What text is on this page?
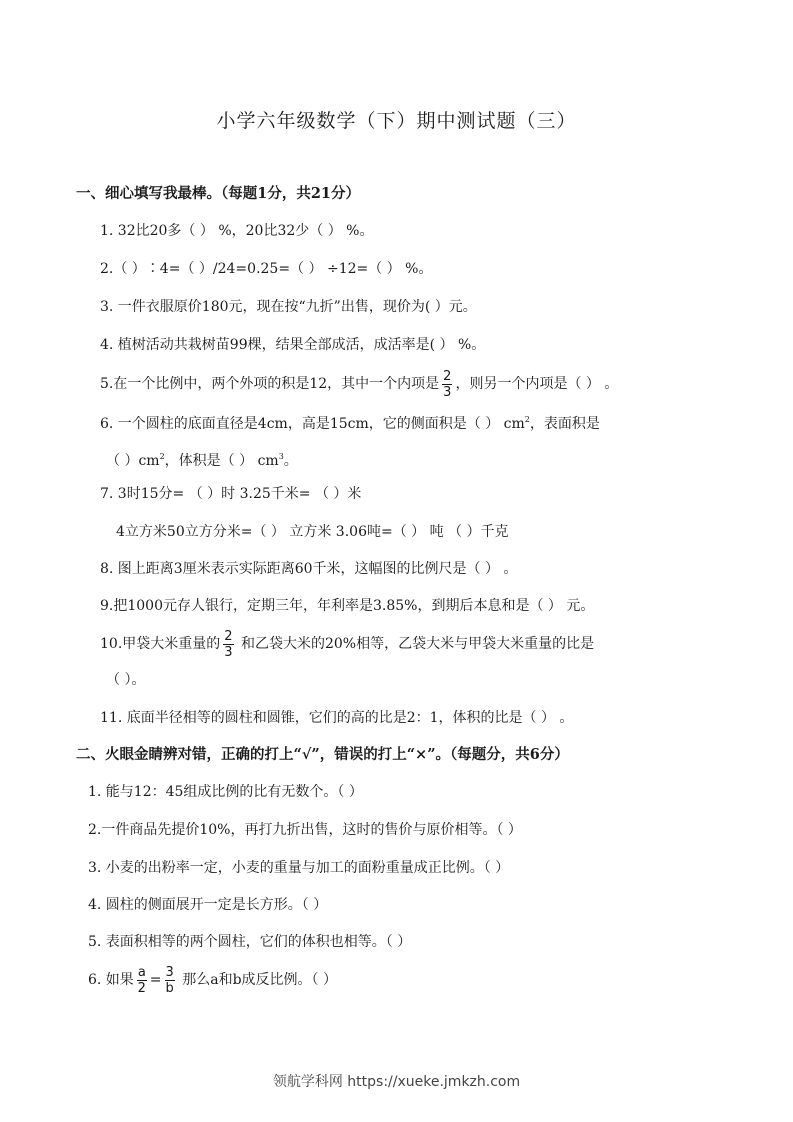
小学六年级数学（下）期中测试题（三）
一、细心填写我最棒。（每题1分，共21分）
1. 32比20多（ ） %，20比32少（ ） %。
2.（ ）∶4=（ ）/24=0.25=（ ） ÷12=（ ） %。
3. 一件衣服原价180元，现在按“九折”出售，现价为( ）元。
4. 植树活动共栽树苗99棵，结果全部成活，成活率是( ） %。
5.在一个比例中，两个外项的积是12，其中一个内项是 $\frac{2}{3}$ ，则另一个内项是（ ） 。
6. 一个圆柱的底面直径是4cm，高是15cm，它的侧面积是（ ） $cm^2$，表面积是
（ ）$cm^2$，体积是（ ） $cm^3$。
7. 3时15分= （ ）时 3.25千米= （ ）米
4立方米50立方分米=（ ） 立方米 3.06吨=（ ） 吨 （ ）千克
8. 图上距离3厘米表示实际距离60千米，这幅图的比例尺是（ ） 。
9.把1000元存人银行，定期三年，年利率是3.85%，到期后本息和是（ ） 元。
10.甲袋大米重量的 $\frac{2}{3}$ 和乙袋大米的20%相等，乙袋大米与甲袋大米重量的比是
（ ）。
11. 底面半径相等的圆柱和圆锥，它们的高的比是2：1，体积的比是（ ） 。
二、火眼金睛辨对错，正确的打上“√”，错误的打上“×”。（每题分，共6分）
1. 能与12：45组成比例的比有无数个。（ ）
2.一件商品先提价10%，再打九折出售，这时的售价与原价相等。（ ）
3. 小麦的出粉率一定，小麦的重量与加工的面粉重量成正比例。（ ）
4. 圆柱的侧面展开一定是长方形。（ ）
5. 表面积相等的两个圆柱，它们的体积也相等。（ ）
6. 如果 $\frac{a}{2} = \frac{3}{b}$ 那么a和b成反比例。（ ）
领航学科网 https://xueke.jmkzh.com
